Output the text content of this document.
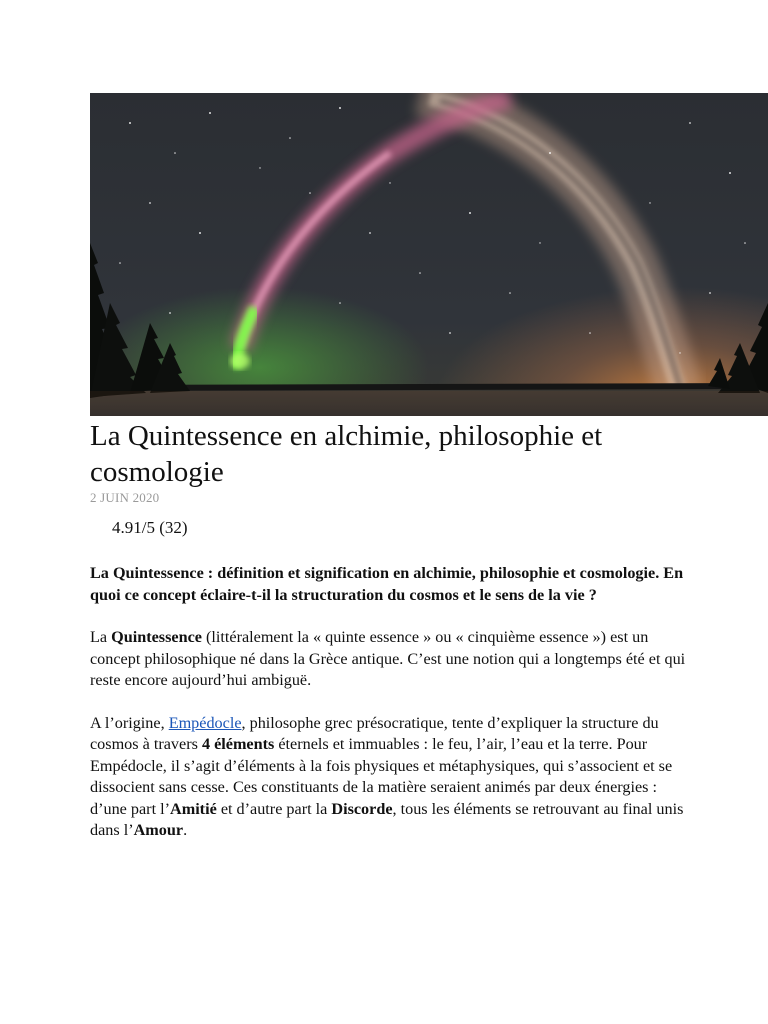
La Quintessence en alchimie, philosophie et cosmologie
2 JUIN 2020
4.91/5 (32)

La Quintessence : définition et signification en alchimie, philosophie et cosmologie. En quoi ce concept éclaire-t-il la structuration du cosmos et le sens de la vie ?

La Quintessence (littéralement la « quinte essence » ou « cinquième essence ») est un concept philosophique né dans la Grèce antique. C’est une notion qui a longtemps été et qui reste encore aujourd’hui ambiguë.

A l’origine, Empédocle, philosophe grec présocratique, tente d’expliquer la structure du cosmos à travers 4 éléments éternels et immuables : le feu, l’air, l’eau et la terre. Pour Empédocle, il s’agit d’éléments à la fois physiques et métaphysiques, qui s’associent et se dissocient sans cesse. Ces constituants de la matière seraient animés par deux énergies : d’une part l’Amitié et d’autre part la Discorde, tous les éléments se retrouvant au final unis dans l’Amour.
